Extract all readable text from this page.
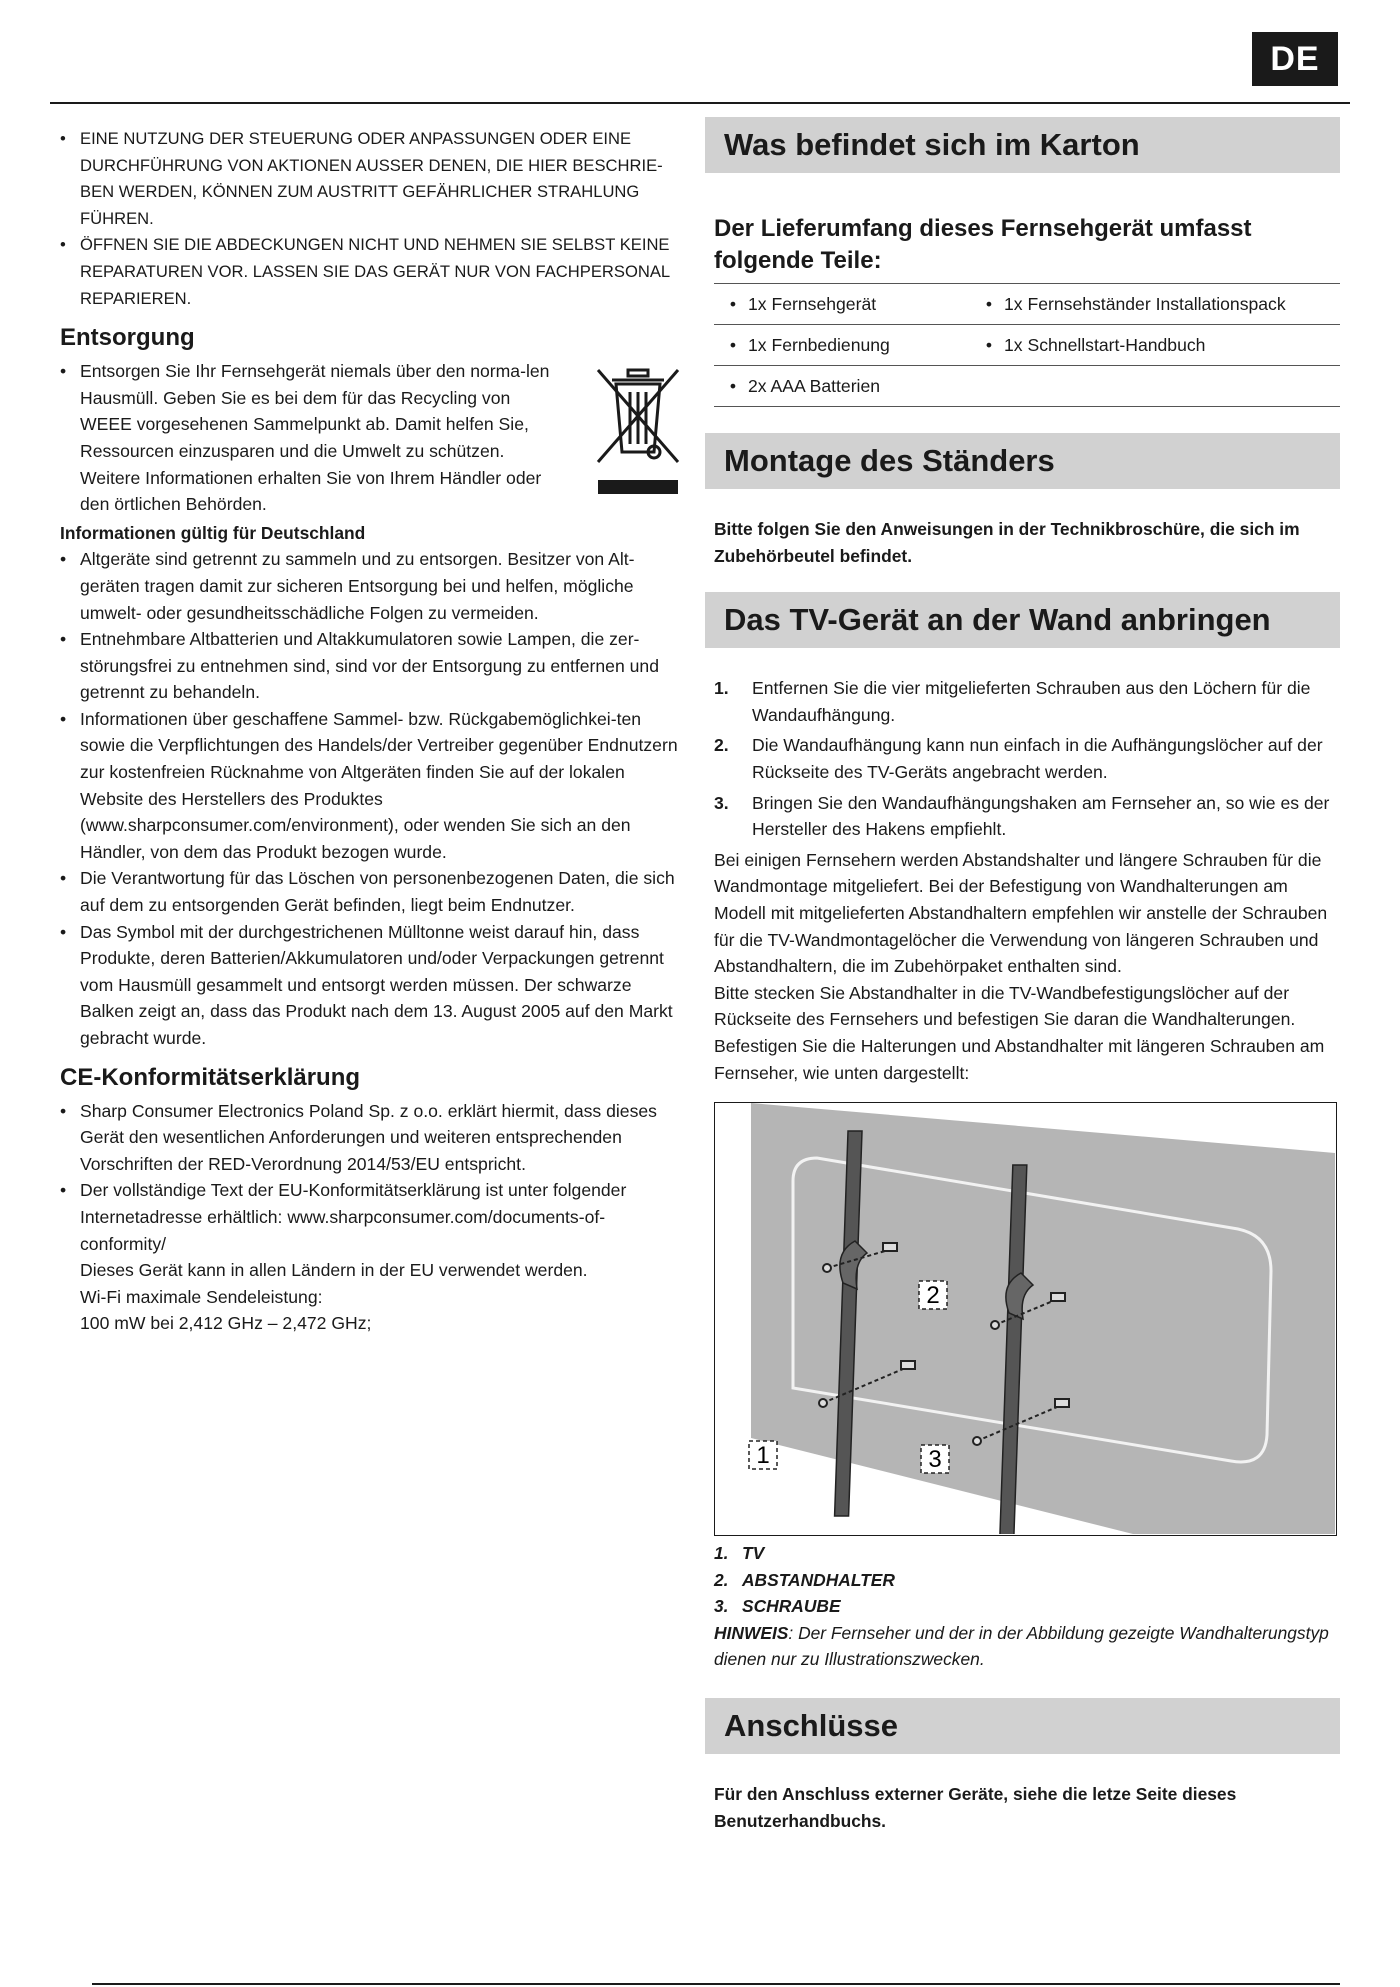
DE
• EINE NUTZUNG DER STEUERUNG ODER ANPASSUNGEN ODER EINE DURCHFÜHRUNG VON AKTIONEN AUSSER DENEN, DIE HIER BESCHRIE-BEN WERDEN, KÖNNEN ZUM AUSTRITT GEFÄHRLICHER STRAHLUNG FÜHREN.
• ÖFFNEN SIE DIE ABDECKUNGEN NICHT UND NEHMEN SIE SELBST KEINE REPARATUREN VOR. LASSEN SIE DAS GERÄT NUR VON FACHPERSONAL REPARIEREN.
Entsorgung
• Entsorgen Sie Ihr Fernsehgerät niemals über den norma-len Hausmüll. Geben Sie es bei dem für das Recycling von WEEE vorgesehenen Sammelpunkt ab. Damit helfen Sie, Ressourcen einzusparen und die Umwelt zu schützen. Weitere Informationen erhalten Sie von Ihrem Händler oder den örtlichen Behörden.
Informationen gültig für Deutschland
• Altgeräte sind getrennt zu sammeln und zu entsorgen. Besitzer von Alt-geräten tragen damit zur sicheren Entsorgung bei und helfen, mögliche umwelt- oder gesundheitsschädliche Folgen zu vermeiden.
• Entnehmbare Altbatterien und Altakkumulatoren sowie Lampen, die zer-störungsfrei zu entnehmen sind, sind vor der Entsorgung zu entfernen und getrennt zu behandeln.
• Informationen über geschaffene Sammel- bzw. Rückgabemöglichkei-ten sowie die Verpflichtungen des Handels/der Vertreiber gegenüber Endnutzern zur kostenfreien Rücknahme von Altgeräten finden Sie auf der lokalen Website des Herstellers des Produktes (www.sharpconsumer.com/environment), oder wenden Sie sich an den Händler, von dem das Produkt bezogen wurde.
• Die Verantwortung für das Löschen von personenbezogenen Daten, die sich auf dem zu entsorgenden Gerät befinden, liegt beim Endnutzer.
• Das Symbol mit der durchgestrichenen Mülltonne weist darauf hin, dass Produkte, deren Batterien/Akkumulatoren und/oder Verpackungen getrennt vom Hausmüll gesammelt und entsorgt werden müssen. Der schwarze Balken zeigt an, dass das Produkt nach dem 13. August 2005 auf den Markt gebracht wurde.
CE-Konformitätserklärung
• Sharp Consumer Electronics Poland Sp. z o.o. erklärt hiermit, dass dieses Gerät den wesentlichen Anforderungen und weiteren entsprechenden Vorschriften der RED-Verordnung 2014/53/EU entspricht.
• Der vollständige Text der EU-Konformitätserklärung ist unter folgender Internetadresse erhältlich: www.sharpconsumer.com/documents-of-conformity/
Dieses Gerät kann in allen Ländern in der EU verwendet werden.
Wi-Fi maximale Sendeleistung:
100 mW bei 2,412 GHz – 2,472 GHz;
Was befindet sich im Karton
Der Lieferumfang dieses Fernsehgerät umfasst folgende Teile:
• 1x Fernsehgerät	• 1x Fernsehständer Installationspack
• 1x Fernbedienung	• 1x Schnellstart-Handbuch
• 2x AAA Batterien	
Montage des Ständers
Bitte folgen Sie den Anweisungen in der Technikbroschüre, die sich im Zubehörbeutel befindet.
Das TV-Gerät an der Wand anbringen
1. Entfernen Sie die vier mitgelieferten Schrauben aus den Löchern für die Wandaufhängung.
2. Die Wandaufhängung kann nun einfach in die Aufhängungslöcher auf der Rückseite des TV-Geräts angebracht werden.
3. Bringen Sie den Wandaufhängungshaken am Fernseher an, so wie es der Hersteller des Hakens empfiehlt.
Bei einigen Fernsehern werden Abstandshalter und längere Schrauben für die Wandmontage mitgeliefert. Bei der Befestigung von Wandhalterungen am Modell mit mitgelieferten Abstandhaltern empfehlen wir anstelle der Schrauben für die TV-Wandmontagelöcher die Verwendung von längeren Schrauben und Abstandhaltern, die im Zubehörpaket enthalten sind.
Bitte stecken Sie Abstandhalter in die TV-Wandbefestigungslöcher auf der Rückseite des Fernsehers und befestigen Sie daran die Wandhalterungen. Befestigen Sie die Halterungen und Abstandhalter mit längeren Schrauben am Fernseher, wie unten dargestellt:
2
1	3
1. TV
2. ABSTANDHALTER
3. SCHRAUBE
HINWEIS: Der Fernseher und der in der Abbildung gezeigte Wandhalterungstyp dienen nur zu Illustrationszwecken.
Anschlüsse
Für den Anschluss externer Geräte, siehe die letze Seite dieses Benutzerhandbuchs.
